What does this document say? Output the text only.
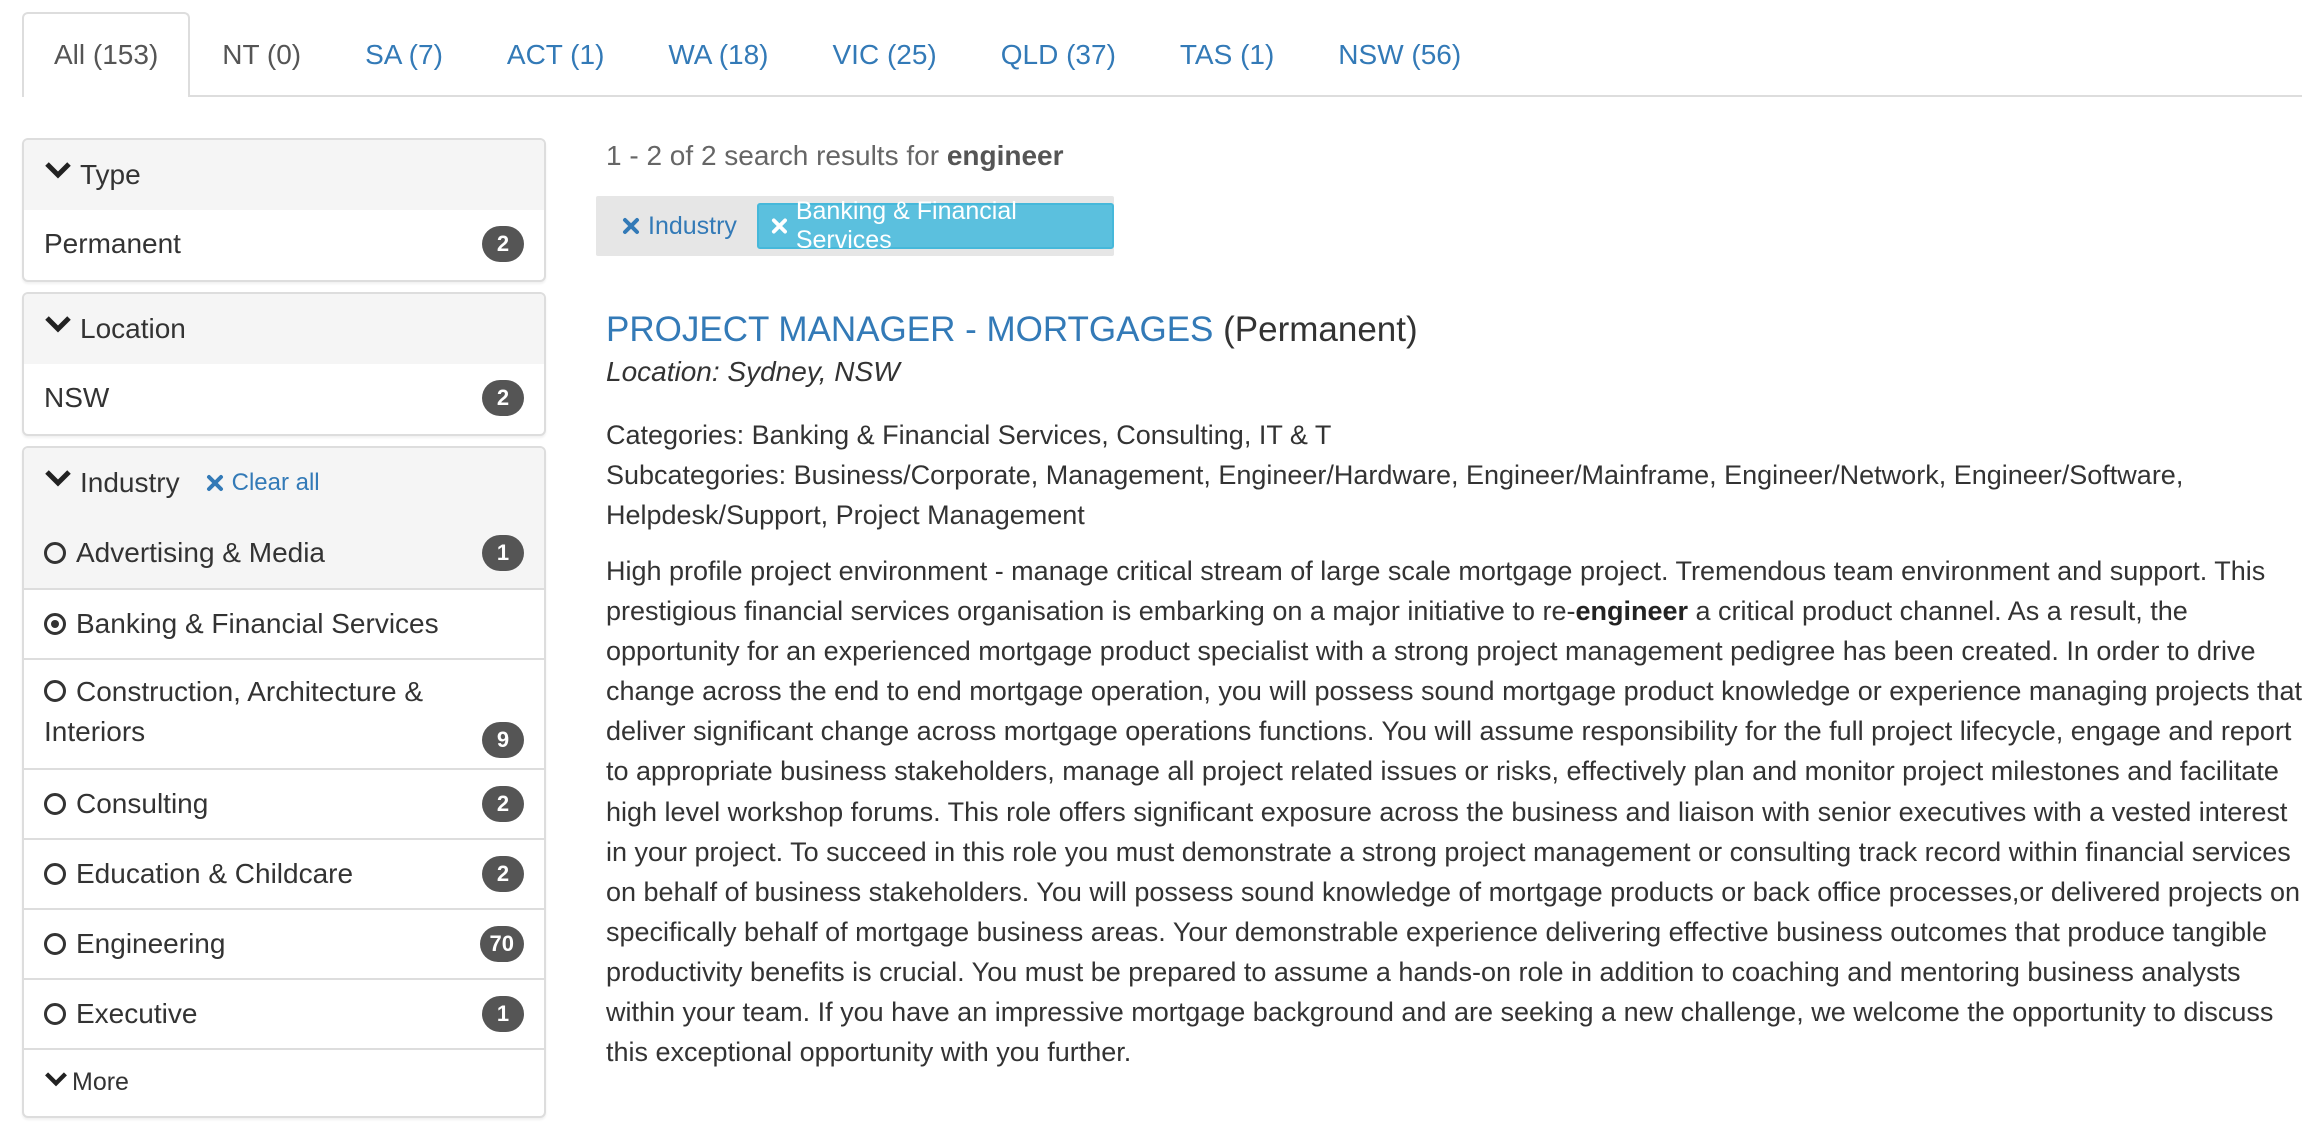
All (153)	NT (0)	SA (7)	ACT (1)	WA (18)	VIC (25)	QLD (37)	TAS (1)	NSW (56)
Type
Permanent	2
Location
NSW	2
Industry Clear all
Advertising & Media	1
Banking & Financial Services
Construction, Architecture & Interiors	9
Consulting	2
Education & Childcare	2
Engineering	70
Executive	1
More
1 - 2 of 2 search results for engineer
Industry
Banking & Financial Services
PROJECT MANAGER - MORTGAGES (Permanent)
Location: Sydney, NSW
Categories: Banking & Financial Services, Consulting, IT & T
Subcategories: Business/Corporate, Management, Engineer/Hardware, Engineer/Mainframe, Engineer/Network, Engineer/Software, Helpdesk/Support, Project Management
High profile project environment - manage critical stream of large scale mortgage project. Tremendous team environment and support. This prestigious financial services organisation is embarking on a major initiative to re-engineer a critical product channel. As a result, the opportunity for an experienced mortgage product specialist with a strong project management pedigree has been created. In order to drive change across the end to end mortgage operation, you will possess sound mortgage product knowledge or experience managing projects that deliver significant change across mortgage operations functions. You will assume responsibility for the full project lifecycle, engage and report to appropriate business stakeholders, manage all project related issues or risks, effectively plan and monitor project milestones and facilitate high level workshop forums. This role offers significant exposure across the business and liaison with senior executives with a vested interest in your project. To succeed in this role you must demonstrate a strong project management or consulting track record within financial services on behalf of business stakeholders. You will possess sound knowledge of mortgage products or back office processes,or delivered projects on specifically behalf of mortgage business areas. Your demonstrable experience delivering effective business outcomes that produce tangible productivity benefits is crucial. You must be prepared to assume a hands-on role in addition to coaching and mentoring business analysts within your team. If you have an impressive mortgage background and are seeking a new challenge, we welcome the opportunity to discuss this exceptional opportunity with you further.
